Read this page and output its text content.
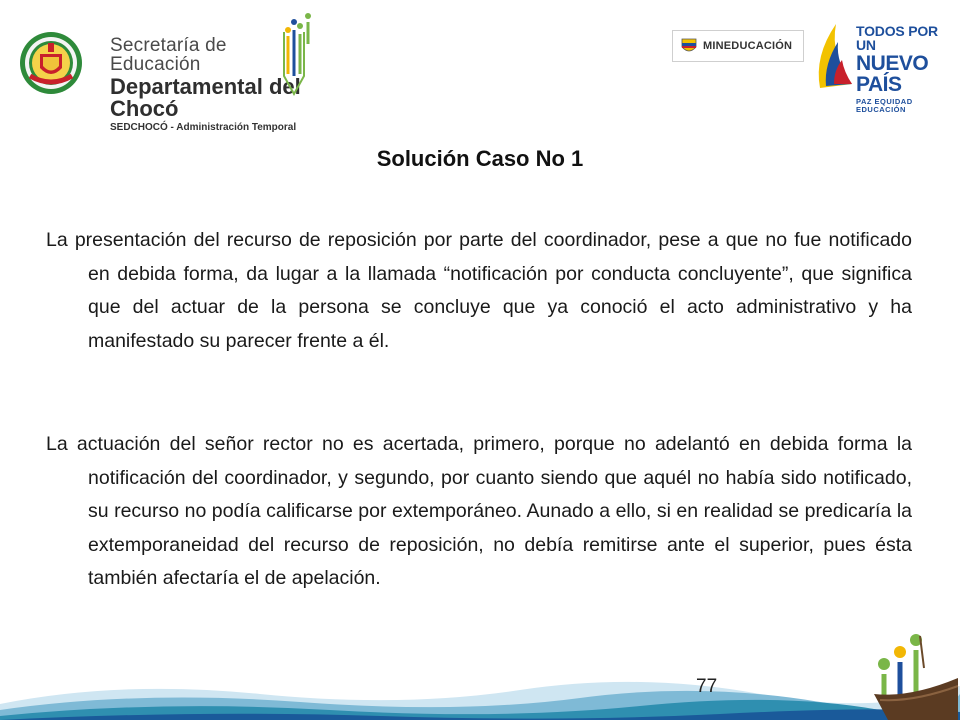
Secretaría de Educación
Departamental del Chocó
SEDCHOCÓ - Administración Temporal
MINEDUCACIÓN
TODOS POR UN
NUEVO PAÍS
PAZ EQUIDAD EDUCACIÓN
Solución Caso No 1
La presentación del recurso de reposición por parte del coordinador, pese a que no fue notificado en debida forma, da lugar a la llamada “notificación por conducta concluyente”, que significa que del actuar de la persona se concluye que ya conoció el acto administrativo y ha manifestado su parecer frente a él.
La actuación del señor rector no es acertada, primero, porque no adelantó en debida forma la notificación del coordinador, y segundo, por cuanto siendo que aquél no había sido notificado, su recurso no podía calificarse por extemporáneo. Aunado a ello, si en realidad se predicaría la extemporaneidad del recurso de reposición, no debía remitirse ante el superior, pues ésta también afectaría el de apelación.
77
